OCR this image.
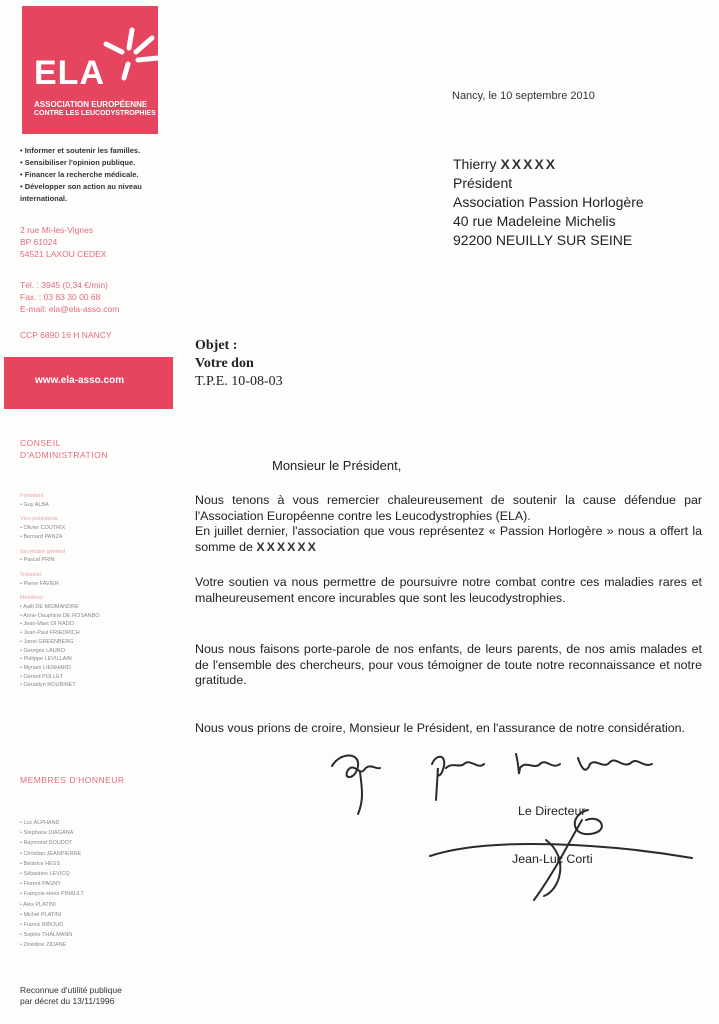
ELA
ASSOCIATION EUROPÉENNE
CONTRE LES LEUCODYSTROPHIES
• Informer et soutenir les familles.
• Sensibiliser l'opinion publique.
• Financer la recherche médicale.
• Développer son action au niveau
international.
2 rue Mi-les-Vignes
BP 61024
54521 LAXOU CEDEX
Tél. : 3945 (0,34 €/min)
Fax. : 03 83 30 00 68
E-mail: ela@ela-asso.com
CCP 6890 16 H NANCY
www.ela-asso.com
CONSEIL
D'ADMINISTRATION
Président
• Guy ALBA
Vice-présidents
• Olivier COUTRIX
• Bernard PANZA
Secrétaire général
• Pascal PRIN
Trésorier
• Pierre FAVIER
Membres
• Aalti DE MIOMANDRE
• Anne-Dauphine DE ROSANBO
• Jean-Marc DI RADO
• Jean-Paul FRIEDRICH
• Janet GREENBERG
• Georges LAURO
• Philippe LEVILLAIN
• Myriam LIENHARD
• Gérard POLLET
• Géraldyn ROUBINET
MEMBRES D'HONNEUR
• Luc ALPHAND
• Stéphane DIAGANA
• Raymond DOUDOT
• Christian JEANPIERRE
• Béatrice HESS
• Sébastien LEVICQ
• Florent PAGNY
• François-Henri PINAULT
• Alès PLATINI
• Michel PLATINI
• Franck RIBOUD
• Sophie THALMANN
• Zinédine ZIDANE
Reconnue d'utilité publique
par décret du 13/11/1996
Nancy, le 10 septembre 2010
Thierry XXXXX
Président
Association Passion Horlogère
40 rue Madeleine Michelis
92200 NEUILLY SUR SEINE
Objet :
Votre don
T.P.E. 10-08-03
Monsieur le Président,
Nous tenons à vous remercier chaleureusement de soutenir la cause défendue par l'Association Européenne contre les Leucodystrophies (ELA).
En juillet dernier, l'association que vous représentez « Passion Horlogère » nous a offert la somme de XXXXXX
Votre soutien va nous permettre de poursuivre notre combat contre ces maladies rares et malheureusement encore incurables que sont les leucodystrophies.
Nous nous faisons porte-parole de nos enfants, de leurs parents, de nos amis malades et de l'ensemble des chercheurs, pour vous témoigner de toute notre reconnaissance et notre gratitude.
Nous vous prions de croire, Monsieur le Président, en l'assurance de notre considération.
Le Directeur
Jean-Luc Corti
